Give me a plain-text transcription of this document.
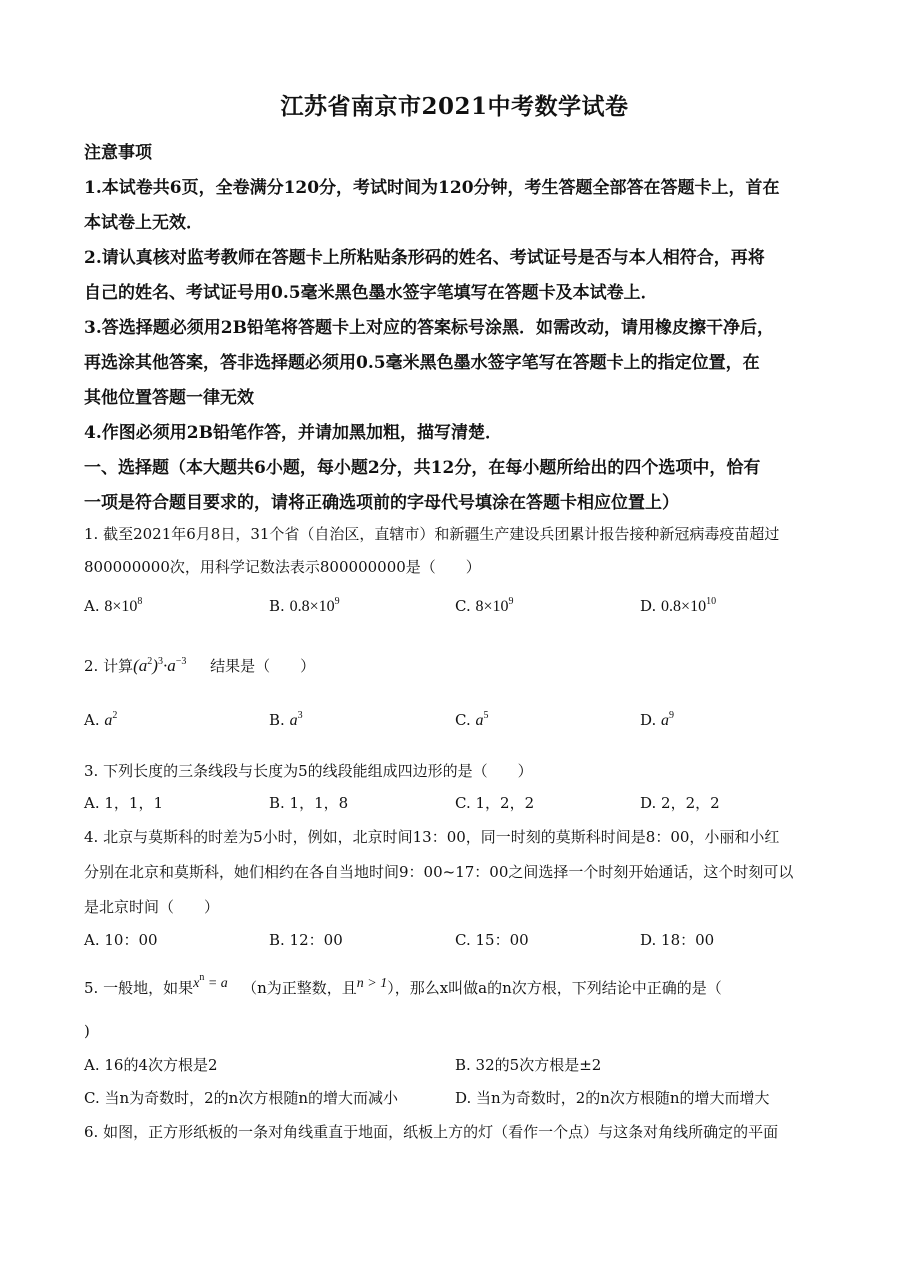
江苏省南京市2021中考数学试卷
注意事项
1.本试卷共6页，全卷满分120分，考试时间为120分钟，考生答题全部答在答题卡上，首在
本试卷上无效．
2.请认真核对监考教师在答题卡上所粘贴条形码的姓名、考试证号是否与本人相符合，再将
自己的姓名、考试证号用0.5毫米黑色墨水签字笔填写在答题卡及本试卷上．
3.答选择题必须用2B铅笔将答题卡上对应的答案标号涂黑．如需改动，请用橡皮擦干净后，
再选涂其他答案，答非选择题必须用0.5毫米黑色墨水签字笔写在答题卡上的指定位置，在
其他位置答题一律无效
4.作图必须用2B铅笔作答，并请加黑加粗，描写清楚．
一、选择题（本大题共6小题，每小题2分，共12分，在每小题所给出的四个选项中，恰有
一项是符合题目要求的，请将正确选项前的字母代号填涂在答题卡相应位置上）
1. 截至2021年6月8日，31个省（自治区，直辖市）和新疆生产建设兵团累计报告接种新冠病毒疫苗超过
800000000次，用科学记数法表示800000000是（　　）
A. $8\times 10^8$	B. $0.8\times 10^9$	C. $8\times 10^9$	D. $0.8\times 10^{10}$
2. 计算$(a^2)^3\cdot a^{-3}$ 结果是（　　）
A. $a^2$	B. $a^3$	C. $a^5$	D. $a^9$
3. 下列长度的三条线段与长度为5的线段能组成四边形的是（　　）
A. 1，1，1	B. 1，1，8	C. 1，2，2	D. 2，2，2
4. 北京与莫斯科的时差为5小时，例如，北京时间13：00，同一时刻的莫斯科时间是8：00，小丽和小红
分别在北京和莫斯科，她们相约在各自当地时间9：00~17：00之间选择一个时刻开始通话，这个时刻可以
是北京时间（　　）
A. 10：00	B. 12：00	C. 15：00	D. 18：00
5. 一般地，如果$x^n = a$ （n为正整数，且n > 1），那么x叫做a的n次方根，下列结论中正确的是（
)
A. 16的4次方根是2	B. 32的5次方根是±2
C. 当n为奇数时，2的n次方根随n的增大而减小	D. 当n为奇数时，2的n次方根随n的增大而增大
6. 如图，正方形纸板的一条对角线重直于地面，纸板上方的灯（看作一个点）与这条对角线所确定的平面
